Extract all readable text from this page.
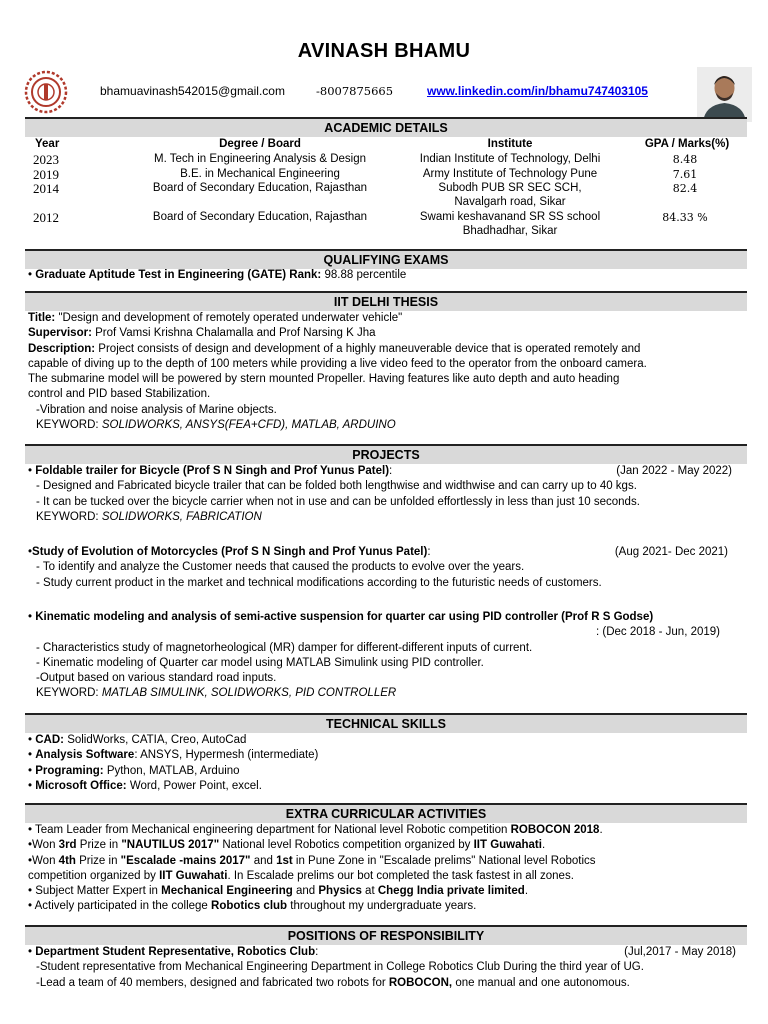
AVINASH BHAMU
bhamuavinash542015@gmail.com	-8007875665	www.linkedin.com/in/bhamu747403105
ACADEMIC DETAILS
Year	Degree / Board	Institute	GPA / Marks(%)
2023	M. Tech in Engineering Analysis & Design	Indian Institute of Technology, Delhi	8.48
2019	B.E. in Mechanical Engineering	Army Institute of Technology Pune	7.61
2014	Board of Secondary Education, Rajasthan	Subodh PUB SR SEC SCH,	82.4
Navalgarh road, Sikar
2012	Board of Secondary Education, Rajasthan	Swami keshavanand SR SS school	84.33 %
Bhadhadhar, Sikar
QUALIFYING EXAMS
• Graduate Aptitude Test in Engineering (GATE) Rank: 98.88 percentile
IIT DELHI THESIS
Title: "Design and development of remotely operated underwater vehicle"
Supervisor: Prof Vamsi Krishna Chalamalla and Prof Narsing K Jha
Description: Project consists of design and development of a highly maneuverable device that is operated remotely and
capable of diving up to the depth of 100 meters while providing a live video feed to the operator from the onboard camera.
The submarine model will be powered by stern mounted Propeller. Having features like auto depth and auto heading
control and PID based Stabilization.
-Vibration and noise analysis of Marine objects.
KEYWORD: SOLIDWORKS, ANSYS(FEA+CFD), MATLAB, ARDUINO
PROJECTS
• Foldable trailer for Bicycle (Prof S N Singh and Prof Yunus Patel):	(Jan 2022 - May 2022)
- Designed and Fabricated bicycle trailer that can be folded both lengthwise and widthwise and can carry up to 40 kgs.
- It can be tucked over the bicycle carrier when not in use and can be unfolded effortlessly in less than just 10 seconds.
KEYWORD: SOLIDWORKS, FABRICATION
•Study of Evolution of Motorcycles (Prof S N Singh and Prof Yunus Patel):	(Aug 2021- Dec 2021)
- To identify and analyze the Customer needs that caused the products to evolve over the years.
- Study current product in the market and technical modifications according to the futuristic needs of customers.
• Kinematic modeling and analysis of semi-active suspension for quarter car using PID controller (Prof R S Godse)
: (Dec 2018 - Jun, 2019)
- Characteristics study of magnetorheological (MR) damper for different-different inputs of current.
- Kinematic modeling of Quarter car model using MATLAB Simulink using PID controller.
-Output based on various standard road inputs.
KEYWORD: MATLAB SIMULINK, SOLIDWORKS, PID CONTROLLER
TECHNICAL SKILLS
• CAD: SolidWorks, CATIA, Creo, AutoCad
• Analysis Software: ANSYS, Hypermesh (intermediate)
• Programing: Python, MATLAB, Arduino
• Microsoft Office: Word, Power Point, excel.
EXTRA CURRICULAR ACTIVITIES
• Team Leader from Mechanical engineering department for National level Robotic competition ROBOCON 2018.
•Won 3rd Prize in "NAUTILUS 2017" National level Robotics competition organized by IIT Guwahati.
•Won 4th Prize in "Escalade -mains 2017" and 1st in Pune Zone in "Escalade prelims" National level Robotics
competition organized by IIT Guwahati. In Escalade prelims our bot completed the task fastest in all zones.
• Subject Matter Expert in Mechanical Engineering and Physics at Chegg India private limited.
• Actively participated in the college Robotics club throughout my undergraduate years.
POSITIONS OF RESPONSIBILITY
• Department Student Representative, Robotics Club:	(Jul,2017 - May 2018)
-Student representative from Mechanical Engineering Department in College Robotics Club During the third year of UG.
-Lead a team of 40 members, designed and fabricated two robots for ROBOCON, one manual and one autonomous.
